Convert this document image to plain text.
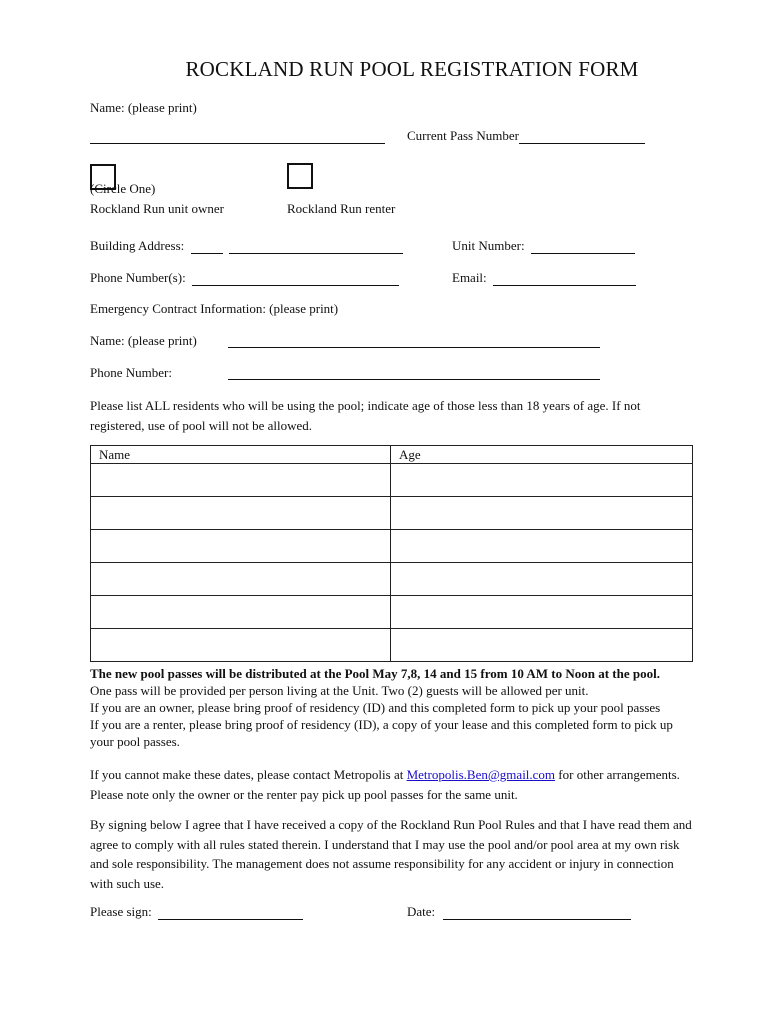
ROCKLAND RUN POOL REGISTRATION FORM
Name: (please print)
Current Pass Number
(Circle One)
Rockland Run unit owner	Rockland Run renter
Building Address:	Unit Number:
Phone Number(s):	Email:
Emergency Contract Information: (please print)
Name: (please print)
Phone Number:
Please list ALL residents who will be using the pool; indicate age of those less than 18 years of age. If not
registered, use of pool will not be allowed.
Name	Age

The new pool passes will be distributed at the Pool May 7,8, 14 and 15 from 10 AM to Noon at the pool.
One pass will be provided per person living at the Unit. Two (2) guests will be allowed per unit.
If you are an owner, please bring proof of residency (ID) and this completed form to pick up your pool passes
If you are a renter, please bring proof of residency (ID), a copy of your lease and this completed form to pick up
your pool passes.
If you cannot make these dates, please contact Metropolis at Metropolis.Ben@gmail.com for other arrangements.
Please note only the owner or the renter pay pick up pool passes for the same unit.
By signing below I agree that I have received a copy of the Rockland Run Pool Rules and that I have read them and
agree to comply with all rules stated therein. I understand that I may use the pool and/or pool area at my own risk
and sole responsibility. The management does not assume responsibility for any accident or injury in connection
with such use.
Please sign:	Date:
